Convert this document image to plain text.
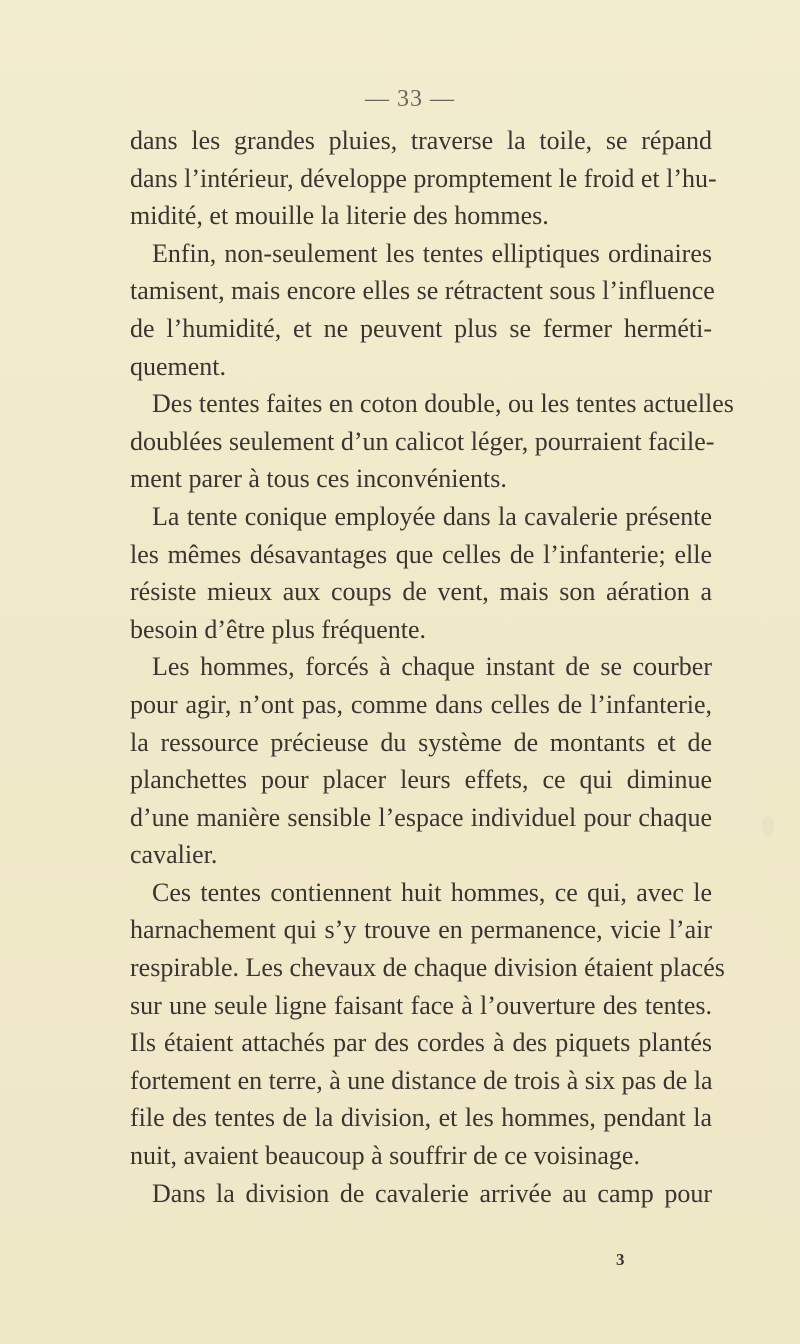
— 33 —
dans les grandes pluies, traverse la toile, se répand
dans l’intérieur, développe promptement le froid et l’hu-
midité, et mouille la literie des hommes.
Enfin, non-seulement les tentes elliptiques ordinaires
tamisent, mais encore elles se rétractent sous l’influence
de l’humidité, et ne peuvent plus se fermer herméti-
quement.
Des tentes faites en coton double, ou les tentes actuelles
doublées seulement d’un calicot léger, pourraient facile-
ment parer à tous ces inconvénients.
La tente conique employée dans la cavalerie présente
les mêmes désavantages que celles de l’infanterie; elle
résiste mieux aux coups de vent, mais son aération a
besoin d’être plus fréquente.
Les hommes, forcés à chaque instant de se courber
pour agir, n’ont pas, comme dans celles de l’infanterie,
la ressource précieuse du système de montants et de
planchettes pour placer leurs effets, ce qui diminue
d’une manière sensible l’espace individuel pour chaque
cavalier.
Ces tentes contiennent huit hommes, ce qui, avec le
harnachement qui s’y trouve en permanence, vicie l’air
respirable. Les chevaux de chaque division étaient placés
sur une seule ligne faisant face à l’ouverture des tentes.
Ils étaient attachés par des cordes à des piquets plantés
fortement en terre, à une distance de trois à six pas de la
file des tentes de la division, et les hommes, pendant la
nuit, avaient beaucoup à souffrir de ce voisinage.
Dans la division de cavalerie arrivée au camp pour
3
